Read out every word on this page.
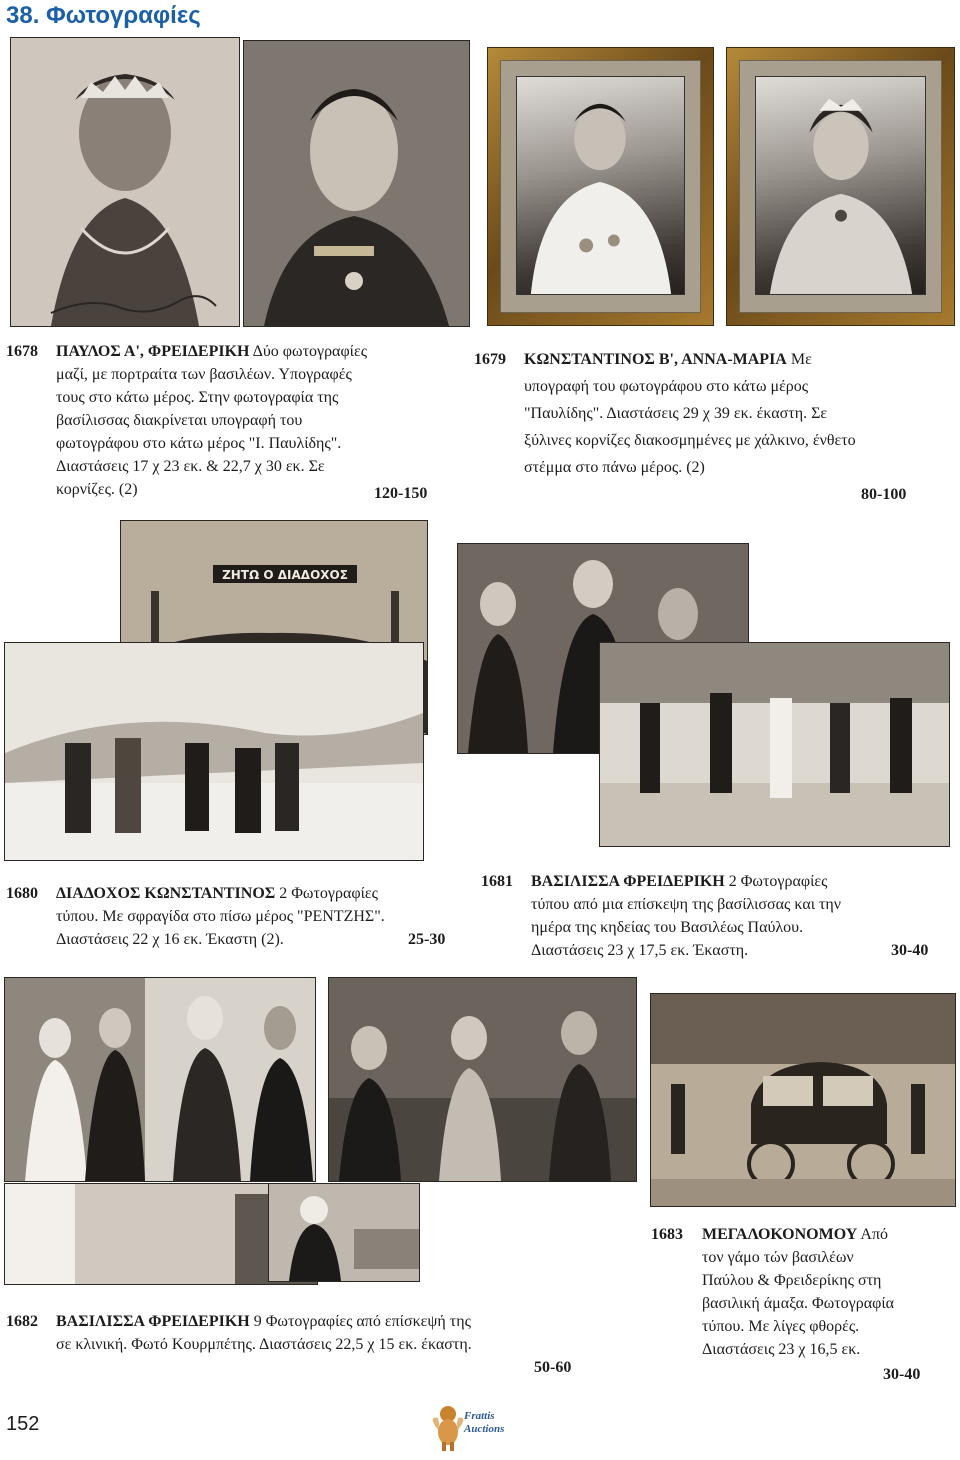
38. Φωτογραφίες
1678 ΠΑΥΛΟΣ Α', ΦΡΕΙΔΕΡΙΚΗ Δύο φωτογραφίες
μαζί, με πορτραίτα των βασιλέων. Υπογραφές
τους στο κάτω μέρος. Στην φωτογραφία της
βασίλισσας διακρίνεται υπογραφή του
φωτογράφου στο κάτω μέρος "Ι. Παυλίδης".
Διαστάσεις 17 χ 23 εκ. & 22,7 χ 30 εκ. Σε
κορνίζες. (2)	120-150
1679 ΚΩΝΣΤΑΝΤΙΝΟΣ Β', ΑΝΝΑ-ΜΑΡΙΑ Με
υπογραφή του φωτογράφου στο κάτω μέρος
"Παυλίδης". Διαστάσεις 29 χ 39 εκ. έκαστη. Σε
ξύλινες κορνίζες διακοσμημένες με χάλκινο, ένθετο
στέμμα στο πάνω μέρος. (2)
80-100
ΖΗΤΩ Ο ΔΙΑΔΟΧΟΣ
1680 ΔΙΑΔΟΧΟΣ ΚΩΝΣΤΑΝΤΙΝΟΣ 2 Φωτογραφίες
τύπου. Με σφραγίδα στο πίσω μέρος "ΡΕΝΤΖΗΣ".
Διαστάσεις 22 χ 16 εκ. Έκαστη (2).	25-30
1681 ΒΑΣΙΛΙΣΣΑ ΦΡΕΙΔΕΡΙΚΗ 2 Φωτογραφίες
τύπου από μια επίσκεψη της βασίλισσας και την
ημέρα της κηδείας του Βασιλέως Παύλου.
Διαστάσεις 23 χ 17,5 εκ. Έκαστη.	30-40
1682 ΒΑΣΙΛΙΣΣΑ ΦΡΕΙΔΕΡΙΚΗ 9 Φωτογραφίες από επίσκεψή της
σε κλινική. Φωτό Κουρμπέτης. Διαστάσεις 22,5 χ 15 εκ. έκαστη.
50-60
1683 ΜΕΓΑΛΟΚΟΝΟΜΟΥ Από
τον γάμο τών βασιλέων
Παύλου & Φρειδερίκης στη
βασιλική άμαξα. Φωτογραφία
τύπου. Με λίγες φθορές.
Διαστάσεις 23 χ 16,5 εκ.
30-40
152	Frattis
Auctions
